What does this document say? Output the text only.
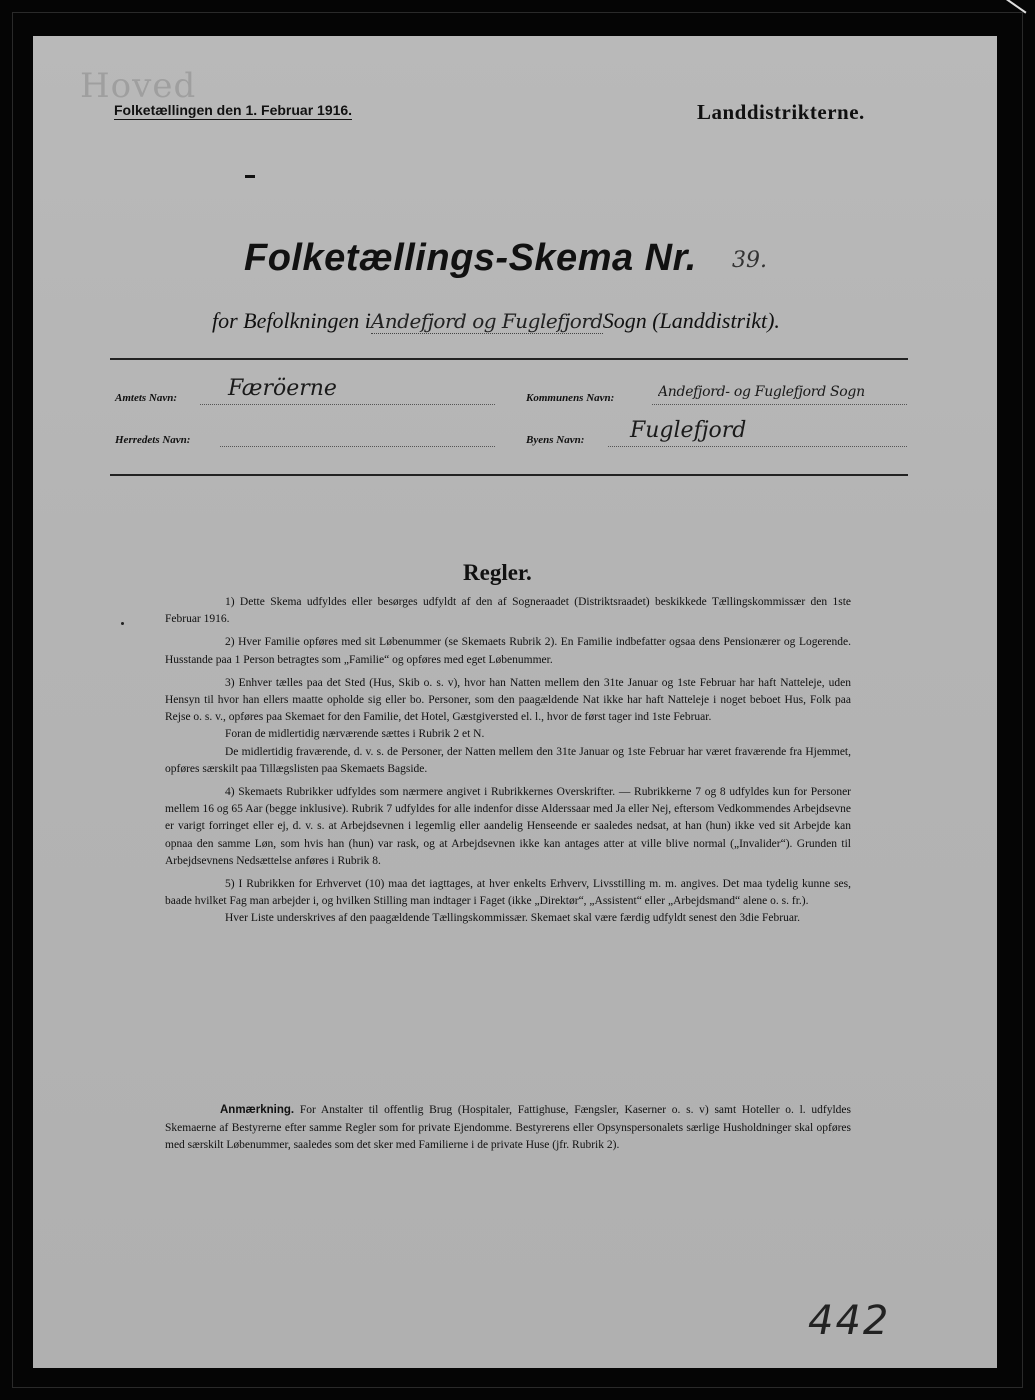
Hoved
Folketællingen den 1. Februar 1916.	Landdistrikterne.
Folketællings-Skema Nr. 39.
for Befolkningen iAndefjord og FuglefjordSogn (Landdistrikt).
Amtets Navn: Færöerne	Kommunens Navn:	Andefjord- og Fuglefjord Sogn
Herredets Navn:	Byens Navn: Fuglefjord
Regler.

1) Dette Skema udfyldes eller besørges udfyldt af den af Sogneraadet (Distriktsraadet) beskikkede Tællingskommissær den 1ste Februar 1916.

2) Hver Familie opføres med sit Løbenummer (se Skemaets Rubrik 2). En Familie indbefatter ogsaa dens Pensionærer og Logerende. Husstande paa 1 Person betragtes som „Familie“ og opføres med eget Løbenummer.

3) Enhver tælles paa det Sted (Hus, Skib o. s. v), hvor han Natten mellem den 31te Januar og 1ste Februar har haft Natteleje, uden Hensyn til hvor han ellers maatte opholde sig eller bo. Personer, som den paagældende Nat ikke har haft Natteleje i noget beboet Hus, Folk paa Rejse o. s. v., opføres paa Skemaet for den Familie, det Hotel, Gæstgiversted el. l., hvor de først tager ind 1ste Februar.

Foran de midlertidig nærværende sættes i Rubrik 2 et N.

De midlertidig fraværende, d. v. s. de Personer, der Natten mellem den 31te Januar og 1ste Februar har været fraværende fra Hjemmet, opføres særskilt paa Tillægslisten paa Skemaets Bagside.

4) Skemaets Rubrikker udfyldes som nærmere angivet i Rubrikkernes Overskrifter. — Rubrikkerne 7 og 8 udfyldes kun for Personer mellem 16 og 65 Aar (begge inklusive). Rubrik 7 udfyldes for alle indenfor disse Alderssaar med Ja eller Nej, eftersom Vedkommendes Arbejdsevne er varigt forringet eller ej, d. v. s. at Arbejdsevnen i legemlig eller aandelig Henseende er saaledes nedsat, at han (hun) ikke ved sit Arbejde kan opnaa den samme Løn, som hvis han (hun) var rask, og at Arbejdsevnen ikke kan antages atter at ville blive normal („Invalider“). Grunden til Arbejdsevnens Nedsættelse anføres i Rubrik 8.

5) I Rubrikken for Erhvervet (10) maa det iagttages, at hver enkelts Erhverv, Livsstilling m. m. angives. Det maa tydelig kunne ses, baade hvilket Fag man arbejder i, og hvilken Stilling man indtager i Faget (ikke „Direktør“, „Assistent“ eller „Arbejdsmand“ alene o. s. fr.).

Hver Liste underskrives af den paagældende Tællingskommissær. Skemaet skal være færdig udfyldt senest den 3die Februar.

Anmærkning. For Anstalter til offentlig Brug (Hospitaler, Fattighuse, Fængsler, Kaserner o. s. v) samt Hoteller o. l. udfyldes Skemaerne af Bestyrerne efter samme Regler som for private Ejendomme. Bestyrerens eller Opsynspersonalets særlige Husholdninger skal opføres med særskilt Løbenummer, saaledes som det sker med Familierne i de private Huse (jfr. Rubrik 2).

442
